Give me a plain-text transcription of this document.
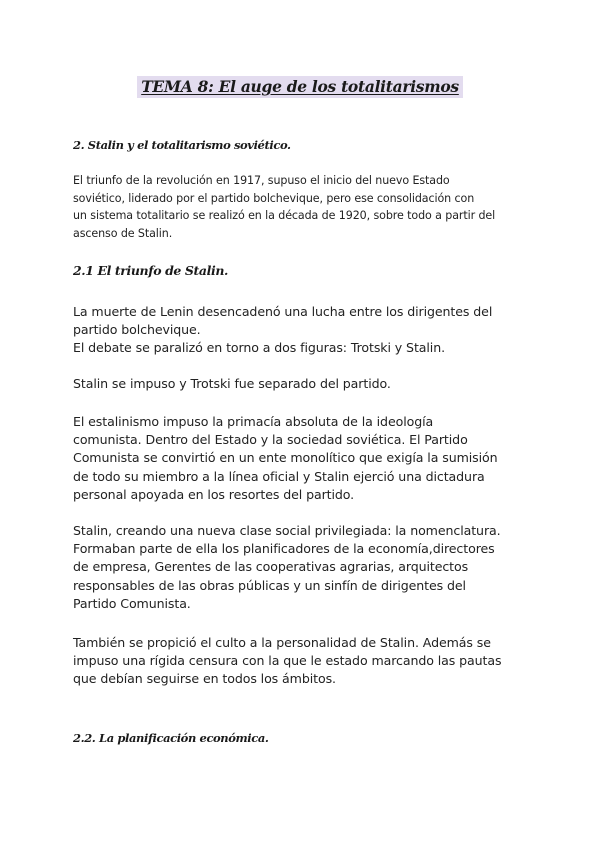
TEMA 8: El auge de los totalitarismos
2. Stalin y el totalitarismo soviético.
El triunfo de la revolución en 1917, supuso el inicio del nuevo Estado
soviético, liderado por el partido bolchevique, pero ese consolidación con
un sistema totalitario se realizó en la década de 1920, sobre todo a partir del
ascenso de Stalin.
2.1 El triunfo de Stalin.
La muerte de Lenin desencadenó una lucha entre los dirigentes del
partido bolchevique.
El debate se paralizó en torno a dos figuras: Trotski y Stalin.
Stalin se impuso y Trotski fue separado del partido.
El estalinismo impuso la primacía absoluta de la ideología
comunista. Dentro del Estado y la sociedad soviética. El Partido
Comunista se convirtió en un ente monolítico que exigía la sumisión
de todo su miembro a la línea oficial y Stalin ejerció una dictadura
personal apoyada en los resortes del partido.
Stalin, creando una nueva clase social privilegiada: la nomenclatura.
Formaban parte de ella los planificadores de la economía,directores
de empresa, Gerentes de las cooperativas agrarias, arquitectos
responsables de las obras públicas y un sinfín de dirigentes del
Partido Comunista.
También se propició el culto a la personalidad de Stalin. Además se
impuso una rígida censura con la que le estado marcando las pautas
que debían seguirse en todos los ámbitos.
2.2. La planificación económica.
